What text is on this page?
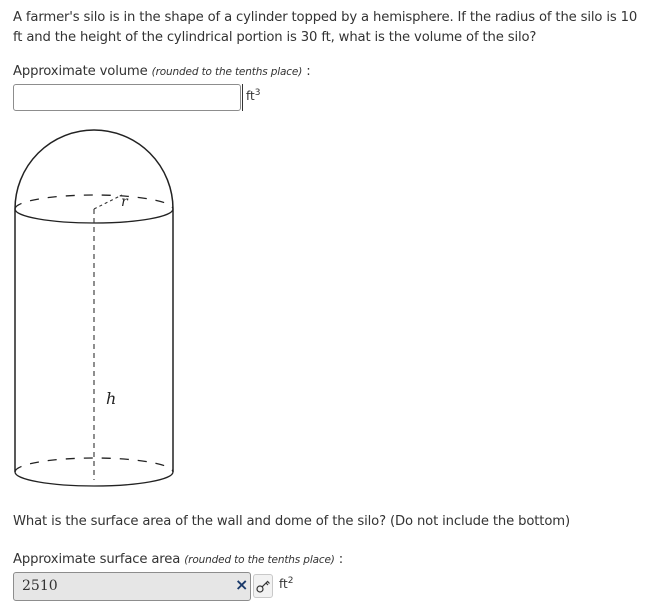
A farmer's silo is in the shape of a cylinder topped by a hemisphere. If the radius of the silo is 10 ft and the height of the cylindrical portion is 30 ft, what is the volume of the silo?
Approximate volume (rounded to the tenths place) :
$ft^3$
r
h
What is the surface area of the wall and dome of the silo? (Do not include the bottom)
Approximate surface area (rounded to the tenths place) :
2510	×	$ft^2$
